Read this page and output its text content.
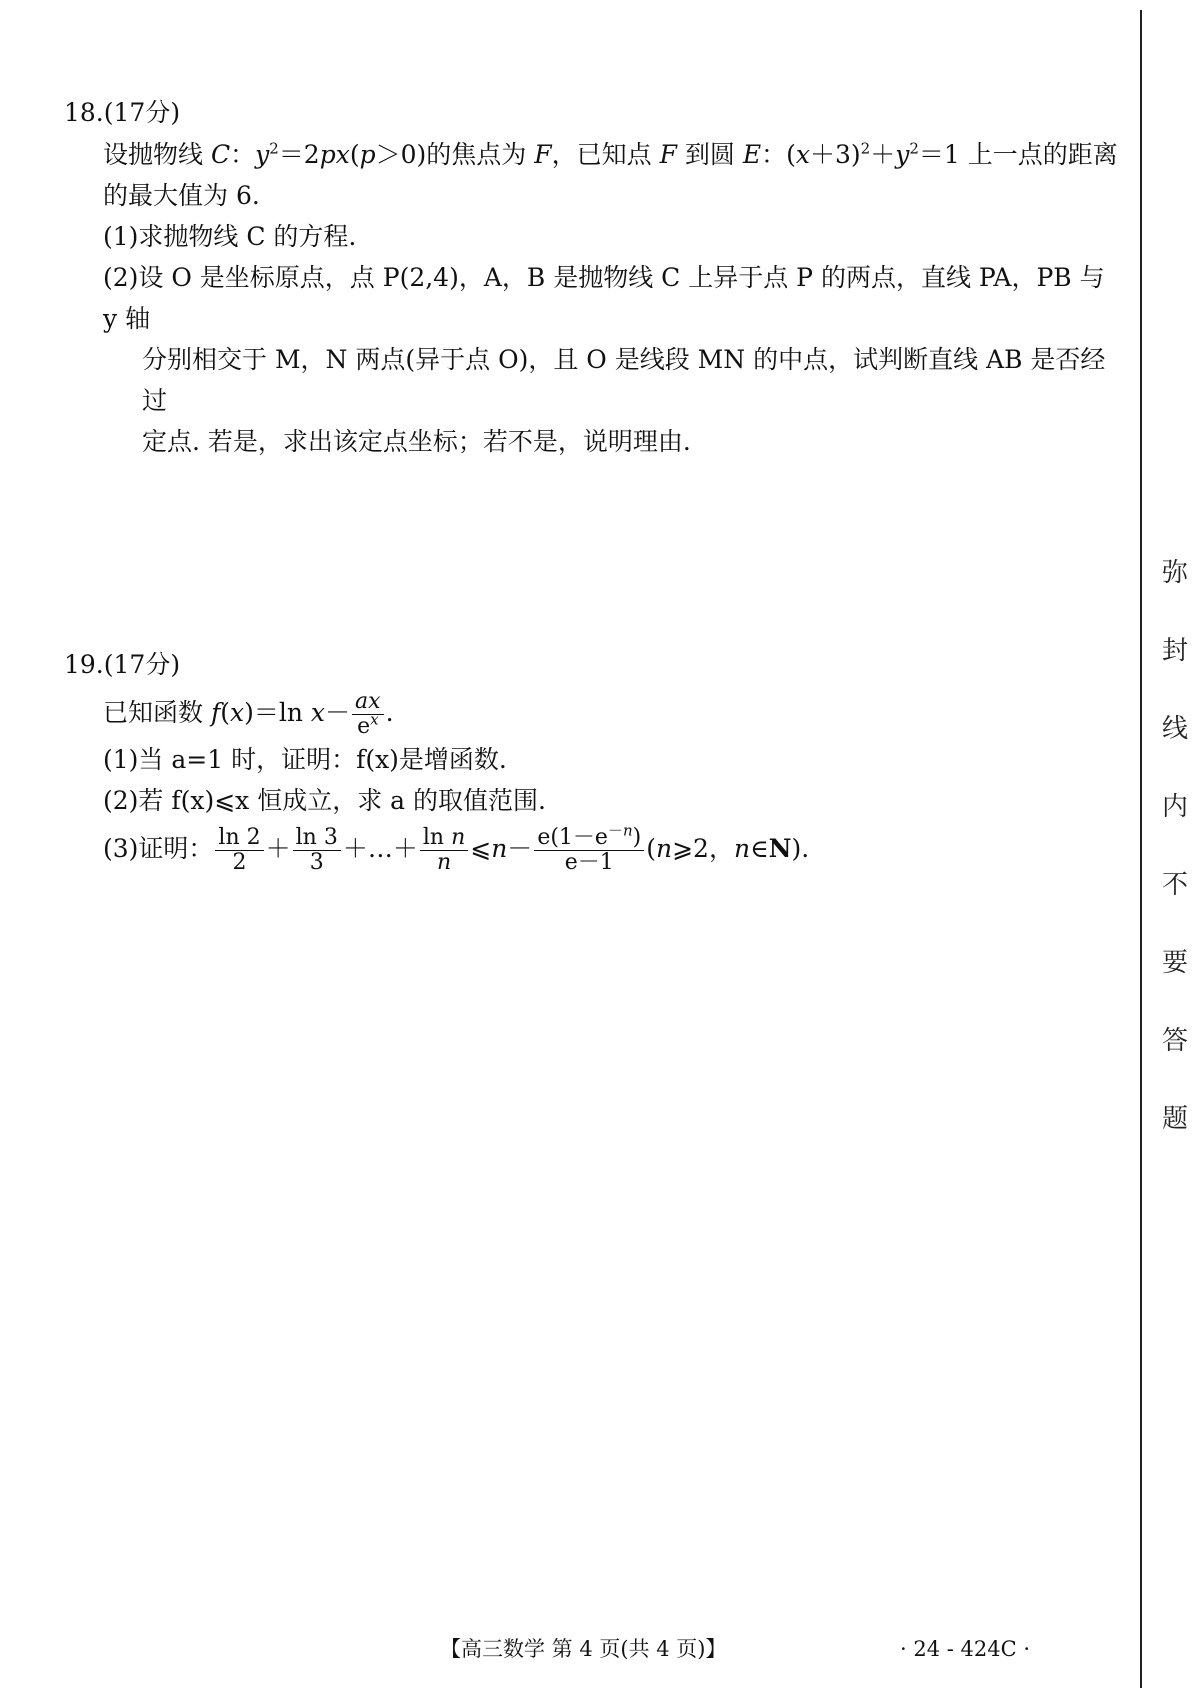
18.(17分)

设抛物线 C：$y^2=2px(p>0)$的焦点为 F，已知点 F 到圆 E：$(x+3)^2+y^2=1$ 上一点的距离

的最大值为 6.

(1)求抛物线 C 的方程.

(2)设 O 是坐标原点，点 P(2,4)，A，B 是抛物线 C 上异于点 P 的两点，直线 PA，PB 与 y 轴

分别相交于 M，N 两点(异于点 O)，且 O 是线段 MN 的中点，试判断直线 AB 是否经过

定点. 若是，求出该定点坐标；若不是，说明理由.

19.(17分)

已知函数 f(x)＝ln $x- \frac{ax}{e^x}$ .

(1)当 a=1 时，证明：f(x)是增函数.

(2)若 f(x)⩽x 恒成立，求 a 的取值范围.

(3)证明： $\frac{\ln 2}{2} + \frac{\ln 3}{3}$ ＋…＋ $\frac{\text{ln n}}{n}$ ⩽n－ $\frac{e(1-e^{-n})}{e-1}$ (n⩾2，n∈N).

弥
封
线
内
不
要
答
题
【高三数学 第 4 页(共 4 页)】	· 24 - 424C ·
